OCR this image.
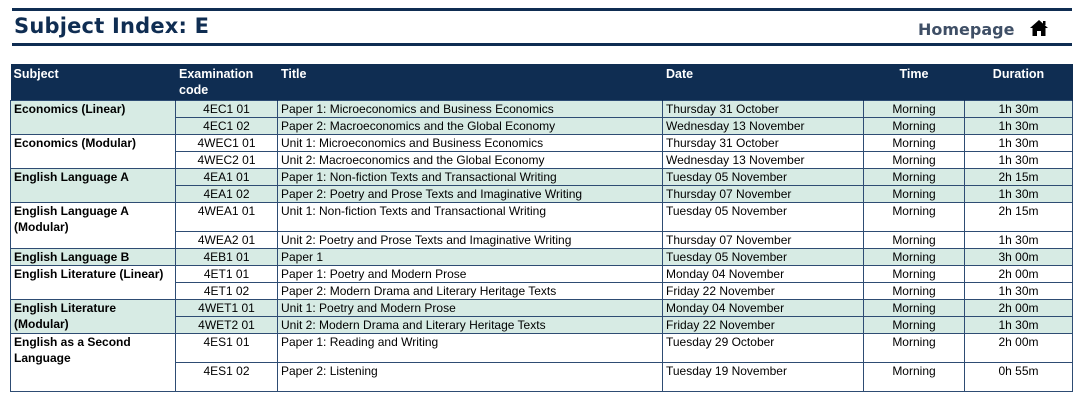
Subject Index: E	Homepage
Subject	Examination code	Title	Date	Time	Duration
Economics (Linear)	4EC1 01	Paper 1: Microeconomics and Business Economics	Thursday 31 October	Morning	1h 30m
	4EC1 02	Paper 2: Macroeconomics and the Global Economy	Wednesday 13 November	Morning	1h 30m
Economics (Modular)	4WEC1 01	Unit 1: Microeconomics and Business Economics	Thursday 31 October	Morning	1h 30m
	4WEC2 01	Unit 2: Macroeconomics and the Global Economy	Wednesday 13 November	Morning	1h 30m
English Language A	4EA1 01	Paper 1: Non-fiction Texts and Transactional Writing	Tuesday 05 November	Morning	2h 15m
	4EA1 02	Paper 2: Poetry and Prose Texts and Imaginative Writing	Thursday 07 November	Morning	1h 30m
English Language A (Modular)	4WEA1 01	Unit 1: Non-fiction Texts and Transactional Writing	Tuesday 05 November	Morning	2h 15m
	4WEA2 01	Unit 2: Poetry and Prose Texts and Imaginative Writing	Thursday 07 November	Morning	1h 30m
English Language B	4EB1 01	Paper 1	Tuesday 05 November	Morning	3h 00m
English Literature (Linear)	4ET1 01	Paper 1: Poetry and Modern Prose	Monday 04 November	Morning	2h 00m
	4ET1 02	Paper 2: Modern Drama and Literary Heritage Texts	Friday 22 November	Morning	1h 30m
English Literature (Modular)	4WET1 01	Unit 1: Poetry and Modern Prose	Monday 04 November	Morning	2h 00m
	4WET2 01	Unit 2: Modern Drama and Literary Heritage Texts	Friday 22 November	Morning	1h 30m
English as a Second Language	4ES1 01	Paper 1: Reading and Writing	Tuesday 29 October	Morning	2h 00m
	4ES1 02	Paper 2: Listening	Tuesday 19 November	Morning	0h 55m
